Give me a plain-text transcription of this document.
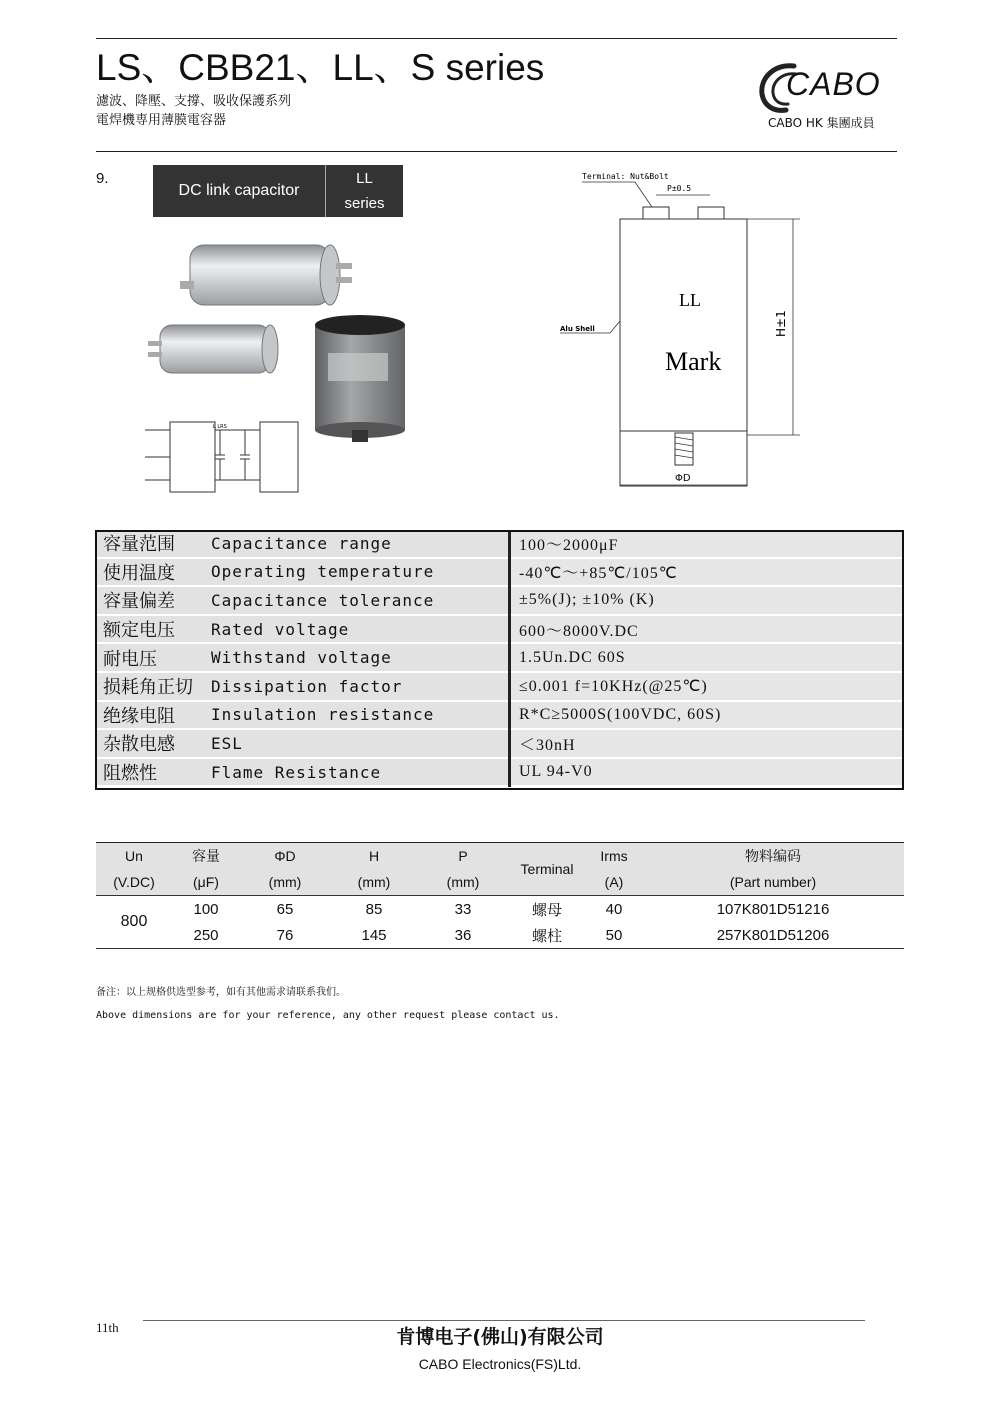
LS、CBB21、LL、S series
濾波、降壓、支撐、吸收保護系列
電焊機専用薄膜電容器
CABO
CABO HK 集團成員
9.
DC link capacitor
LL
series
L LRS
Terminal: Nut&Bolt
P±0.5
Alu Shell
LL
Mark
H±1
ΦD
容量范围	Capacitance range	100～2000μF
使用温度	Operating temperature	-40℃～+85℃/105℃
容量偏差	Capacitance tolerance	±5%(J); ±10% (K)
额定电压	Rated voltage	600～8000V.DC
耐电压	Withstand voltage	1.5Un.DC 60S
损耗角正切	Dissipation factor	≤0.001 f=10KHz(@25℃)
绝缘电阻	Insulation resistance	R*C≥5000S(100VDC, 60S)
杂散电感	ESL	＜30nH
阻燃性	Flame Resistance	UL 94-V0
Un	容量	ΦD	H	P	Terminal	Irms	物料编码
(V.DC)	(μF)	(mm)	(mm)	(mm)		(A)	(Part number)
800	100	65	85	33	螺母	40	107K801D51216
	250	76	145	36	螺柱	50	257K801D51206
备注：以上规格供选型参考，如有其他需求请联系我们。
Above dimensions are for your reference, any other request please contact us.
11th	肯博电子(佛山)有限公司
CABO Electronics(FS)Ltd.
